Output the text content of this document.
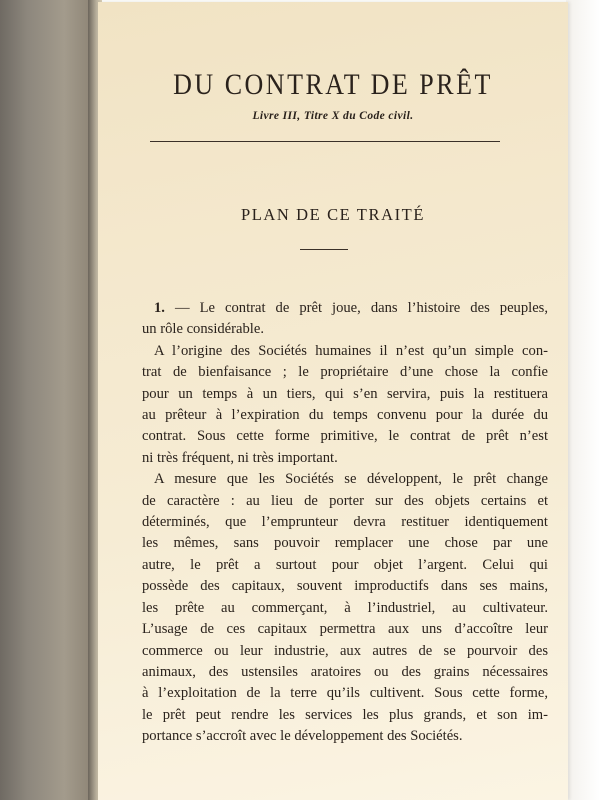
DU CONTRAT DE PRÊT
Livre III, Titre X du Code civil.
PLAN DE CE TRAITÉ
1. — Le contrat de prêt joue, dans l’histoire des peuples,
un rôle considérable.
A l’origine des Sociétés humaines il n’est qu’un simple con-
trat de bienfaisance ; le propriétaire d’une chose la confie
pour un temps à un tiers, qui s’en servira, puis la restituera
au prêteur à l’expiration du temps convenu pour la durée du
contrat. Sous cette forme primitive, le contrat de prêt n’est
ni très fréquent, ni très important.
A mesure que les Sociétés se développent, le prêt change
de caractère : au lieu de porter sur des objets certains et
déterminés, que l’emprunteur devra restituer identiquement
les mêmes, sans pouvoir remplacer une chose par une
autre, le prêt a surtout pour objet l’argent. Celui qui
possède des capitaux, souvent improductifs dans ses mains,
les prête au commerçant, à l’industriel, au cultivateur.
L’usage de ces capitaux permettra aux uns d’accoître leur
commerce ou leur industrie, aux autres de se pourvoir des
animaux, des ustensiles aratoires ou des grains nécessaires
à l’exploitation de la terre qu’ils cultivent. Sous cette forme,
le prêt peut rendre les services les plus grands, et son im-
portance s’accroît avec le développement des Sociétés.
